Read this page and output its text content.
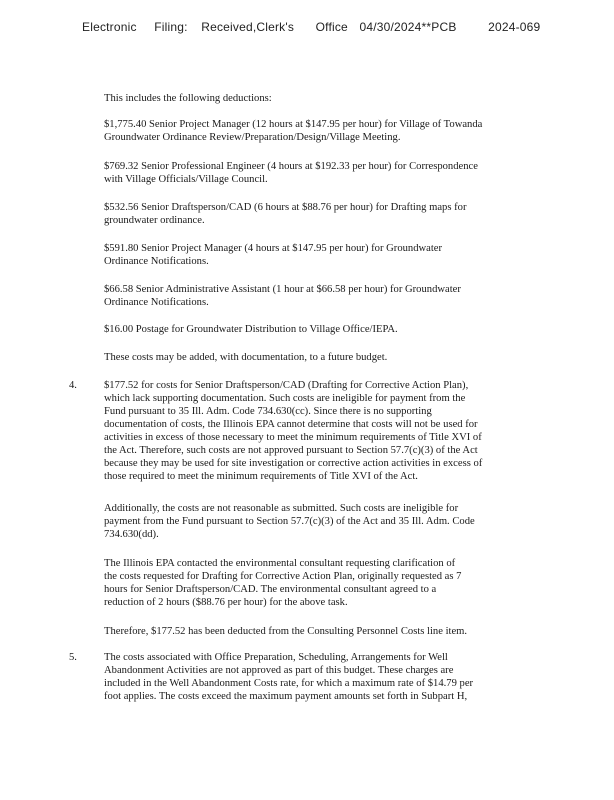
Electronic Filing: Received,Clerk's Office 04/30/2024**PCB	2024-069
This includes the following deductions:
$1,775.40 Senior Project Manager (12 hours at $147.95 per hour) for Village of Towanda
Groundwater Ordinance Review/Preparation/Design/Village Meeting.
$769.32 Senior Professional Engineer (4 hours at $192.33 per hour) for Correspondence
with Village Officials/Village Council.
$532.56 Senior Draftsperson/CAD (6 hours at $88.76 per hour) for Drafting maps for
groundwater ordinance.
$591.80 Senior Project Manager (4 hours at $147.95 per hour) for Groundwater
Ordinance Notifications.
$66.58 Senior Administrative Assistant (1 hour at $66.58 per hour) for Groundwater
Ordinance Notifications.
$16.00 Postage for Groundwater Distribution to Village Office/IEPA.
These costs may be added, with documentation, to a future budget.
4.	$177.52 for costs for Senior Draftsperson/CAD (Drafting for Corrective Action Plan),
which lack supporting documentation. Such costs are ineligible for payment from the
Fund pursuant to 35 Ill. Adm. Code 734.630(cc). Since there is no supporting
documentation of costs, the Illinois EPA cannot determine that costs will not be used for
activities in excess of those necessary to meet the minimum requirements of Title XVI of
the Act. Therefore, such costs are not approved pursuant to Section 57.7(c)(3) of the Act
because they may be used for site investigation or corrective action activities in excess of
those required to meet the minimum requirements of Title XVI of the Act.
Additionally, the costs are not reasonable as submitted. Such costs are ineligible for
payment from the Fund pursuant to Section 57.7(c)(3) of the Act and 35 Ill. Adm. Code
734.630(dd).
The Illinois EPA contacted the environmental consultant requesting clarification of
the costs requested for Drafting for Corrective Action Plan, originally requested as 7
hours for Senior Draftsperson/CAD. The environmental consultant agreed to a
reduction of 2 hours ($88.76 per hour) for the above task.
Therefore, $177.52 has been deducted from the Consulting Personnel Costs line item.
5.	The costs associated with Office Preparation, Scheduling, Arrangements for Well
Abandonment Activities are not approved as part of this budget. These charges are
included in the Well Abandonment Costs rate, for which a maximum rate of $14.79 per
foot applies. The costs exceed the maximum payment amounts set forth in Subpart H,
